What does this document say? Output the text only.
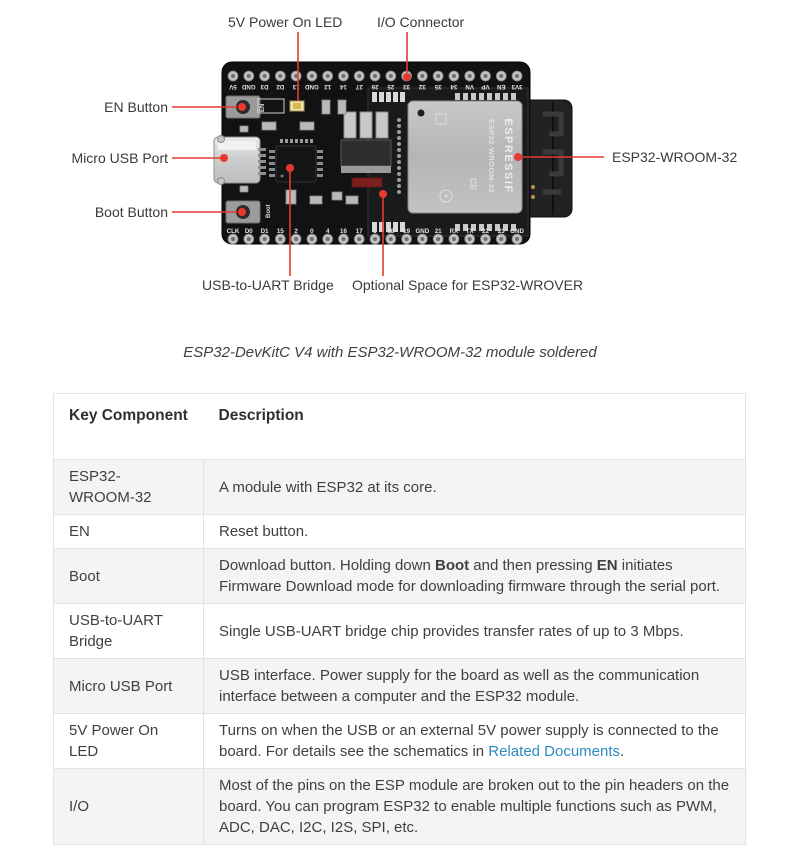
ESPRESSIF
ESP32-WROOM-32
CE
EN
Boot
5V GND D3 D2 13 GND 12 14 27 26 25 33 32 35 34 VN VP EN 3V3
CLK D0 D1 15 2 0 4 16 17 5 18 19 GND 21 RX TX 22 23 GND
5V Power On LED I/O Connector
EN Button
Micro USB Port
Boot Button
ESP32-WROOM-32
USB-to-UART Bridge Optional Space for ESP32-WROVER
ESP32-DevKitC V4 with ESP32-WROOM-32 module soldered
Key Component	Description
ESP32-WROOM-32	A module with ESP32 at its core.
EN	Reset button.
Boot	Download button. Holding down Boot and then pressing EN initiates Firmware Download mode for downloading firmware through the serial port.
USB-to-UART Bridge	Single USB-UART bridge chip provides transfer rates of up to 3 Mbps.
Micro USB Port	USB interface. Power supply for the board as well as the communication interface between a computer and the ESP32 module.
5V Power On LED	Turns on when the USB or an external 5V power supply is connected to the board. For details see the schematics in Related Documents.
I/O	Most of the pins on the ESP module are broken out to the pin headers on the board. You can program ESP32 to enable multiple functions such as PWM, ADC, DAC, I2C, I2S, SPI, etc.
